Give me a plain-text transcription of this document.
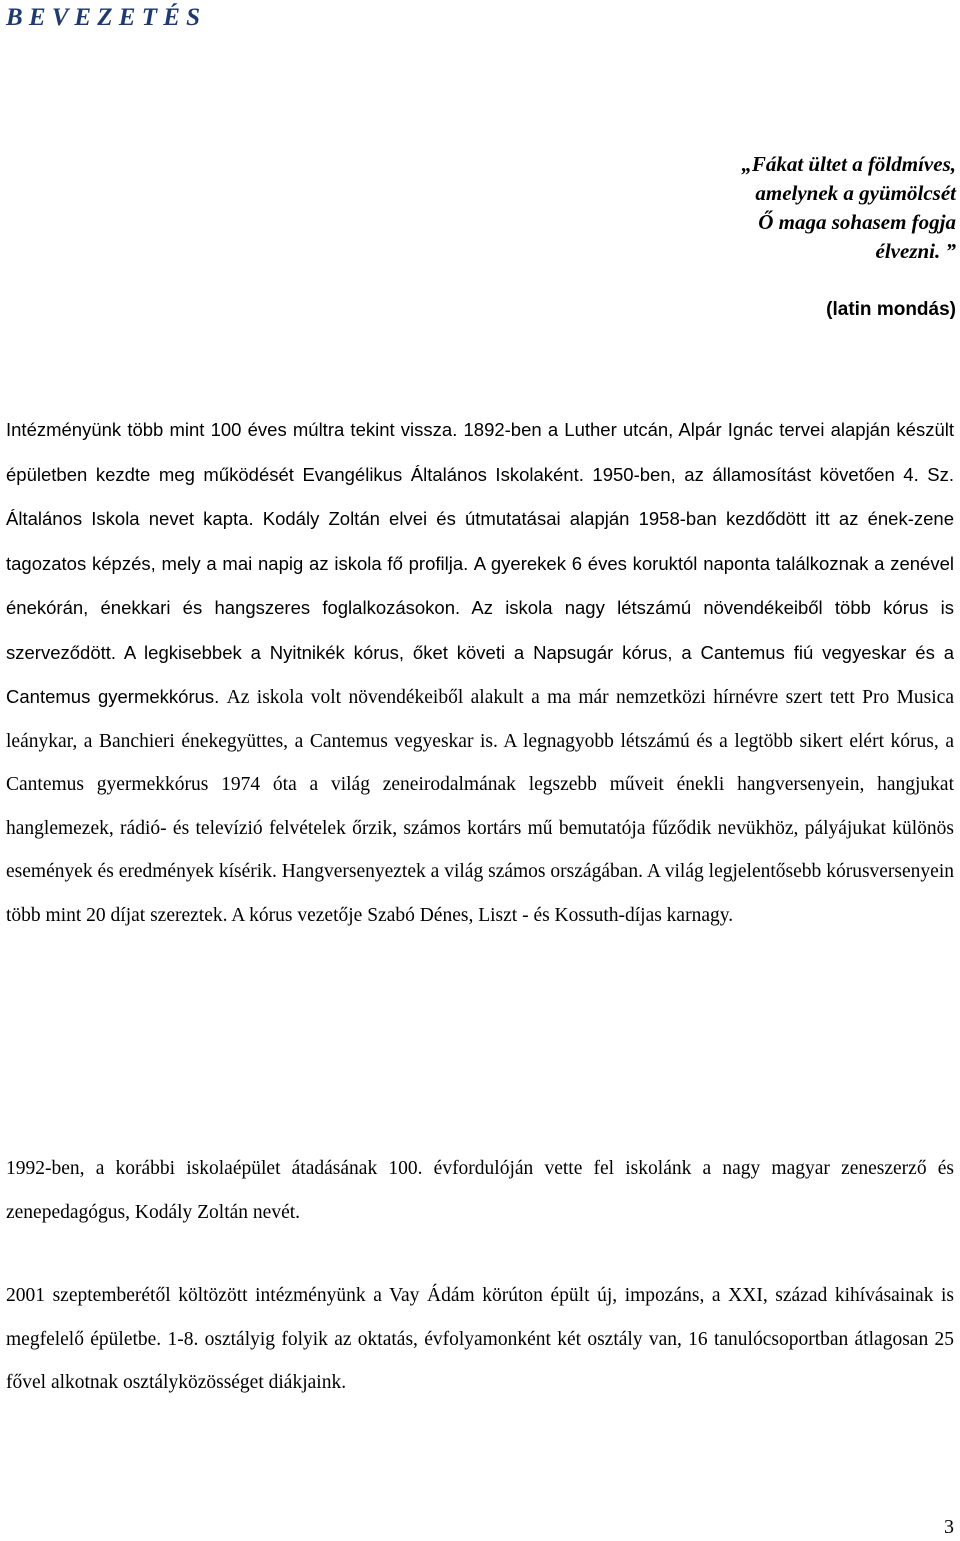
B E V E Z E T É S
„Fákat ültet a földmíves,
amelynek a gyümölcsét
Ő maga sohasem fogja
élvezni. ”
(latin mondás)

Intézményünk több mint 100 éves múltra tekint vissza. 1892-ben a Luther utcán, Alpár Ignác tervei alapján készült épületben kezdte meg működését Evangélikus Általános Iskolaként. 1950-ben, az államosítást követően 4. Sz. Általános Iskola nevet kapta. Kodály Zoltán elvei és útmutatásai alapján 1958-ban kezdődött itt az ének-zene tagozatos képzés, mely a mai napig az iskola fő profilja. A gyerekek 6 éves koruktól naponta találkoznak a zenével énekórán, énekkari és hangszeres foglalkozásokon. Az iskola nagy létszámú növendékeiből több kórus is szerveződött. A legkisebbek a Nyitnikék kórus, őket követi a Napsugár kórus, a Cantemus fiú vegyeskar és a Cantemus gyermekkórus. Az iskola volt növendékeiből alakult a ma már nemzetközi hírnévre szert tett Pro Musica leánykar, a Banchieri énekegyüttes, a Cantemus vegyeskar is. A legnagyobb létszámú és a legtöbb sikert elért kórus, a Cantemus gyermekkórus 1974 óta a világ zeneirodalmának legszebb műveit énekli hangversenyein, hangjukat hanglemezek, rádió- és televízió felvételek őrzik, számos kortárs mű bemutatója fűződik nevükhöz, pályájukat különös események és eredmények kísérik. Hangversenyeztek a világ számos országában. A világ legjelentősebb kórusversenyein több mint 20 díjat szereztek. A kórus vezetője Szabó Dénes, Liszt - és Kossuth-díjas karnagy.

1992-ben, a korábbi iskolaépület átadásának 100. évfordulóján vette fel iskolánk a nagy magyar zeneszerző és zenepedagógus, Kodály Zoltán nevét.

2001 szeptemberétől költözött intézményünk a Vay Ádám körúton épült új, impozáns, a XXI, század kihívásainak is megfelelő épületbe. 1-8. osztályig folyik az oktatás, évfolyamonként két osztály van, 16 tanulócsoportban átlagosan 25 fővel alkotnak osztályközösséget diákjaink.

3
